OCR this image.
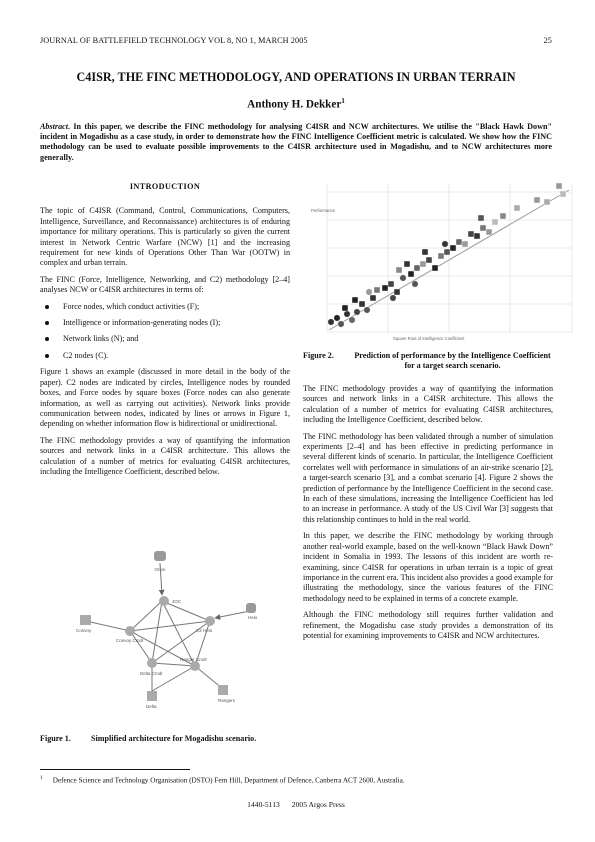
JOURNAL OF BATTLEFIELD TECHNOLOGY VOL 8, NO 1, MARCH 2005	25
C4ISR, THE FINC METHODOLOGY, AND OPERATIONS IN URBAN TERRAIN
Anthony H. Dekker$^1$
Abstract. In this paper, we describe the FINC methodology for analysing C4ISR and NCW architectures. We utilise the "Black Hawk Down" incident in Mogadishu as a case study, in order to demonstrate how the FINC Intelligence Coefficient metric is calculated. We show how the FINC methodology can be used to evaluate possible improvements to the C4ISR architecture used in Mogadishu, and to NCW architectures more generally.
INTRODUCTION

The topic of C4ISR (Command, Control, Communications, Computers, Intelligence, Surveillance, and Reconnaissance) architectures is of enduring importance for military operations. This is particularly so given the current interest in Network Centric Warfare (NCW) [1] and the increasing requirement for new kinds of Operations Other Than War (OOTW) in complex and urban terrain.

The FINC (Force, Intelligence, Networking, and C2) methodology [2–4] analyses NCW or C4ISR architectures in terms of:

Force nodes, which conduct activities (F);
Intelligence or information-generating nodes (I);
Network links (N); and
C2 nodes (C).

Figure 1 shows an example (discussed in more detail in the body of the paper). C2 nodes are indicated by circles, Intelligence nodes by rounded boxes, and Force nodes by square boxes (Force nodes can also generate information, as well as carrying out activities). Network links provide communication between nodes, indicated by lines or arrows in Figure 1, depending on whether information flow is bidirectional or unidirectional.

The FINC methodology provides a way of quantifying the information sources and network links in a C4ISR architecture. This allows the calculation of a number of metrics for evaluating C4ISR architectures, including the Intelligence Coefficient, described below.

Orion
JOC
Helo
Convoy
Convoy Cmdr
C2 Helo
Delta Cmdr
Ranger Cmdr
Delta
Rangers
Figure 1.	Simplified architecture for Mogadishu scenario.
Performance
Square Root of Intelligence Coefficient
Figure 2.	Prediction of performance by the Intelligence Coefficient for a target search scenario.

The FINC methodology provides a way of quantifying the information sources and network links in a C4ISR architecture. This allows the calculation of a number of metrics for evaluating C4ISR architectures, including the Intelligence Coefficient, described below.

The FINC methodology has been validated through a number of simulation experiments [2–4] and has been effective in predicting performance in several different kinds of scenario. In particular, the Intelligence Coefficient correlates well with performance in simulations of an air-strike scenario [2], a target-search scenario [3], and a combat scenario [4]. Figure 2 shows the prediction of performance by the Intelligence Coefficient in the second case. In each of these simulations, increasing the Intelligence Coefficient has led to an increase in performance. A study of the US Civil War [3] suggests that this relationship continues to hold in the real world.

In this paper, we describe the FINC methodology by working through another real-world example, based on the well-known “Black Hawk Down” incident in Somalia in 1993. The lessons of this incident are worth re-examining, since C4ISR for operations in urban terrain is a topic of great importance in the current era. This incident also provides a good example for illustrating the methodology, since the various features of the FINC methodology need to be explained in terms of a concrete example.

Although the FINC methodology still requires further validation and refinement, the Mogadishu case study provides a demonstration of its potential for examining improvements to C4ISR and NCW architectures.

$^1$ Defence Science and Technology Organisation (DSTO) Fern Hill, Department of Defence, Canberra ACT 2600, Australia.
1440-5113 2005 Argos Press
